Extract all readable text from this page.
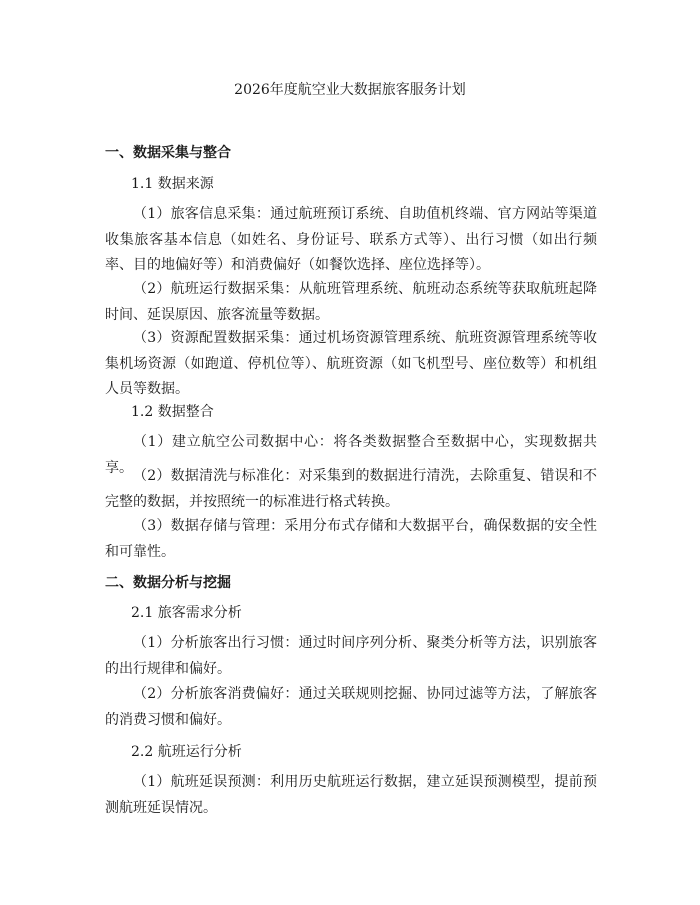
2026年度航空业大数据旅客服务计划
一、数据采集与整合
1.1 数据来源

（1）旅客信息采集：通过航班预订系统、自助值机终端、官方网站等渠道收集旅客基本信息（如姓名、身份证号、联系方式等）、出行习惯（如出行频率、目的地偏好等）和消费偏好（如餐饮选择、座位选择等）。

（2）航班运行数据采集：从航班管理系统、航班动态系统等获取航班起降时间、延误原因、旅客流量等数据。

（3）资源配置数据采集：通过机场资源管理系统、航班资源管理系统等收集机场资源（如跑道、停机位等）、航班资源（如飞机型号、座位数等）和机组人员等数据。

1.2 数据整合

（1）建立航空公司数据中心：将各类数据整合至数据中心，实现数据共享。

（2）数据清洗与标准化：对采集到的数据进行清洗，去除重复、错误和不完整的数据，并按照统一的标准进行格式转换。

（3）数据存储与管理：采用分布式存储和大数据平台，确保数据的安全性和可靠性。

二、数据分析与挖掘
2.1 旅客需求分析

（1）分析旅客出行习惯：通过时间序列分析、聚类分析等方法，识别旅客的出行规律和偏好。

（2）分析旅客消费偏好：通过关联规则挖掘、协同过滤等方法，了解旅客的消费习惯和偏好。

2.2 航班运行分析

（1）航班延误预测：利用历史航班运行数据，建立延误预测模型，提前预测航班延误情况。
